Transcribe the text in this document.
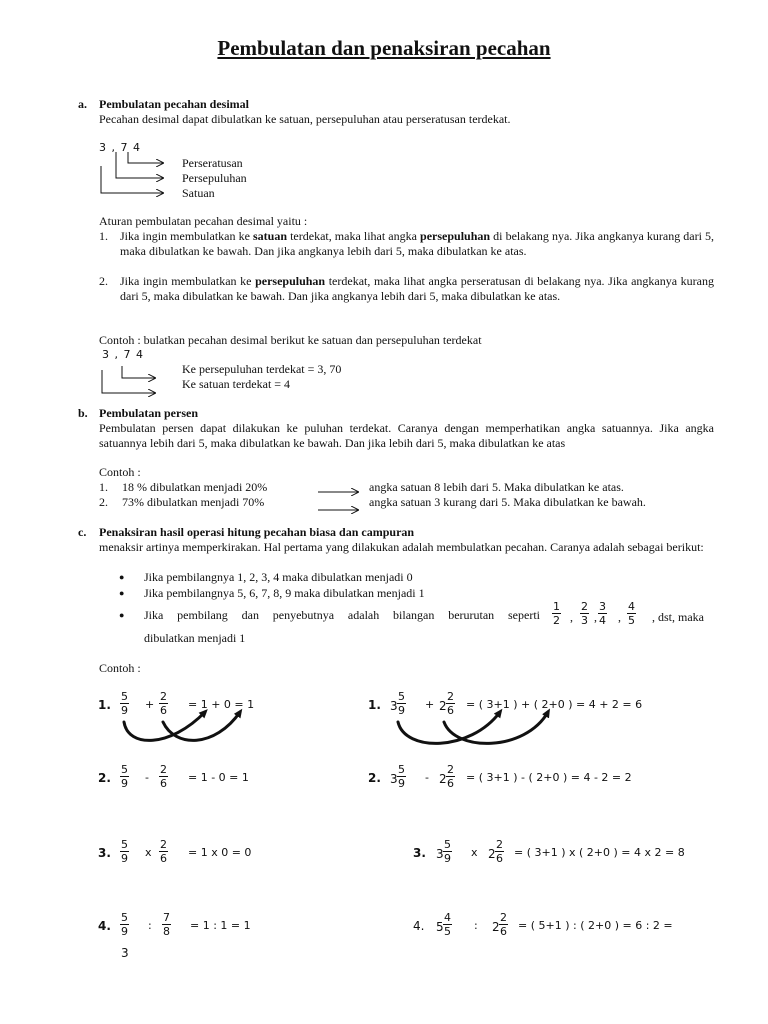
Pembulatan dan penaksiran pecahan
a. Pembulatan pecahan desimal
Pecahan desimal dapat dibulatkan ke satuan, persepuluhan atau perseratusan terdekat.
3 , 7 4
Perseratusan
Persepuluhan
Satuan
Aturan pembulatan pecahan desimal yaitu :
1. Jika ingin membulatkan ke satuan terdekat, maka lihat angka persepuluhan di belakang nya. Jika angkanya kurang dari 5, maka dibulatkan ke bawah. Dan jika angkanya lebih dari 5, maka dibulatkan ke atas.
2. Jika ingin membulatkan ke persepuluhan terdekat, maka lihat angka perseratusan di belakang nya. Jika angkanya kurang dari 5, maka dibulatkan ke bawah. Dan jika angkanya lebih dari 5, maka dibulatkan ke atas.
Contoh : bulatkan pecahan desimal berikut ke satuan dan persepuluhan terdekat
3 , 7 4
Ke persepuluhan terdekat = 3, 70
Ke satuan terdekat = 4
b. Pembulatan persen
Pembulatan persen dapat dilakukan ke puluhan terdekat. Caranya dengan memperhatikan angka satuannya. Jika angka satuannya lebih dari 5, maka dibulatkan ke bawah. Dan jika lebih dari 5, maka dibulatkan ke atas
Contoh :
1. 18 % dibulatkan menjadi 20%	angka satuan 8 lebih dari 5. Maka dibulatkan ke atas.
2. 73% dibulatkan menjadi 70%	angka satuan 3 kurang dari 5. Maka dibulatkan ke bawah.
c. Penaksiran hasil operasi hitung pecahan biasa dan campuran
menaksir artinya memperkirakan. Hal pertama yang dilakukan adalah membulatkan pecahan. Caranya adalah sebagai berikut:
● Jika pembilangnya 1, 2, 3, 4 maka dibulatkan menjadi 0
● Jika pembilangnya 5, 6, 7, 8, 9 maka dibulatkan menjadi 1
● Jika pembilang dan penyebutnya adalah bilangan berurutan seperti
1
2 ,
2
3 ,
3
4 ,
4
5 , dst, maka
dibulatkan menjadi 1
Contoh :
1.
5
9 +
2
6 = 1 + 0 = 1
2.
5
9 -
2
6 = 1 - 0 = 1
3.
5
9 x
2
6 = 1 x 0 = 0
4.
5
9 :
7
8 = 1 : 1 = 1
1. 3
5
9 + 2
2
6 = ( 3+1 ) + ( 2+0 ) = 4 + 2 = 6
2. 3
5
9 - 2
2
6 = ( 3+1 ) - ( 2+0 ) = 4 - 2 = 2
3. 3
5
9 x 2
2
6 = ( 3+1 ) x ( 2+0 ) = 4 x 2 = 8
4. 5
4
5 : 2
2
6 = ( 5+1 ) : ( 2+0 ) = 6 : 2 =
3
